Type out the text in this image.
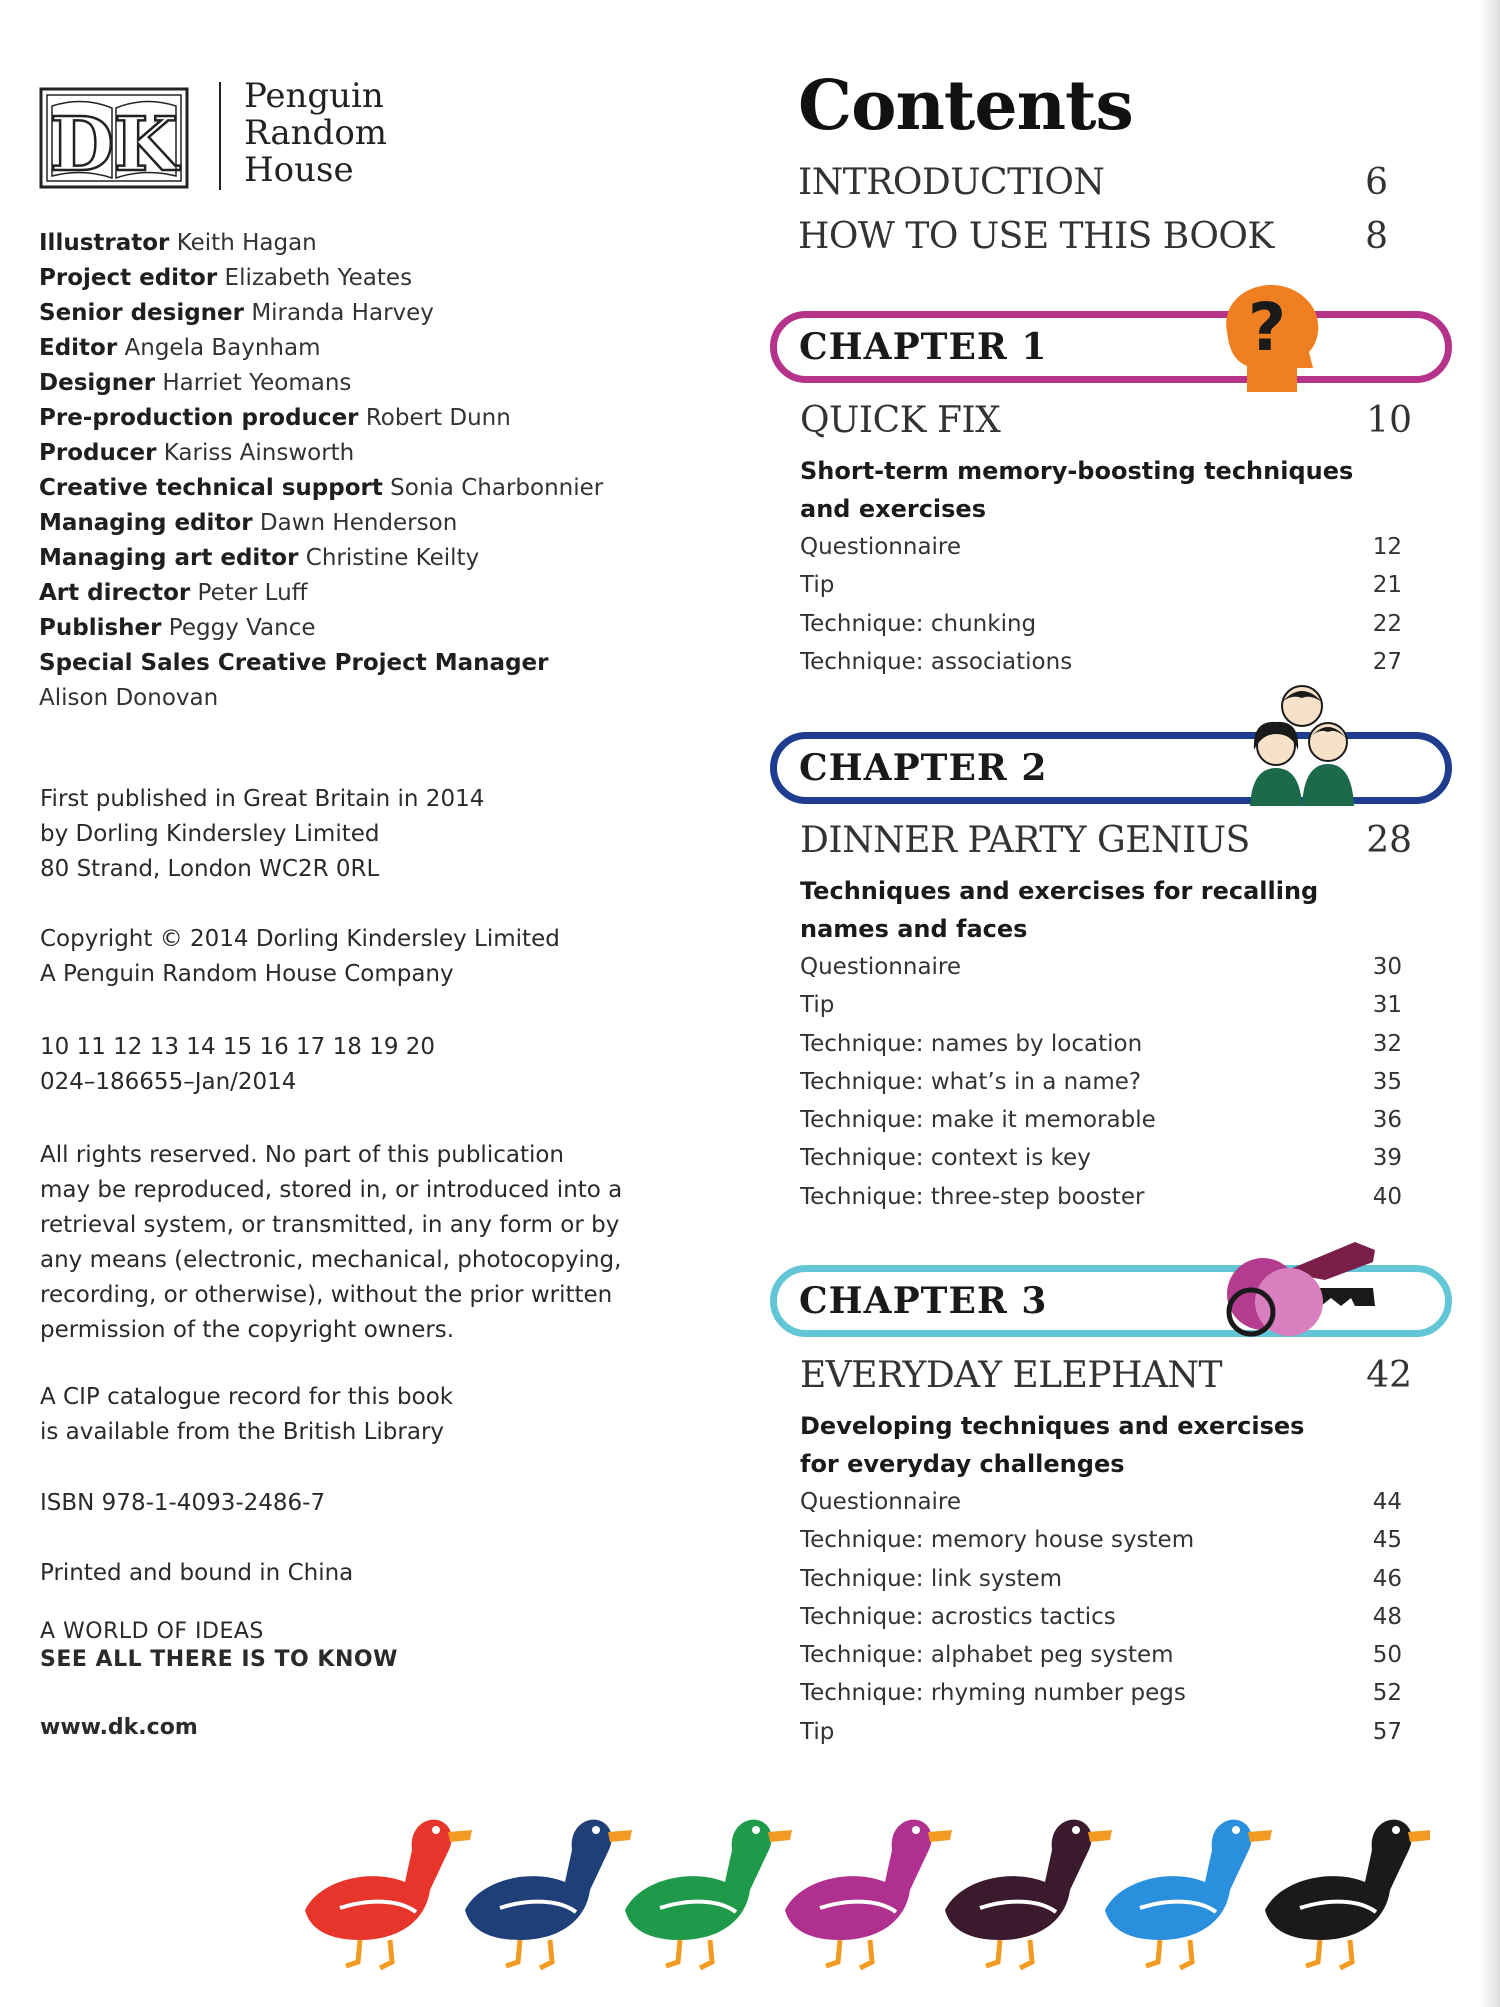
DK
Penguin
Random
House
Illustrator Keith Hagan
Project editor Elizabeth Yeates
Senior designer Miranda Harvey
Editor Angela Baynham
Designer Harriet Yeomans
Pre-production producer Robert Dunn
Producer Kariss Ainsworth
Creative technical support Sonia Charbonnier
Managing editor Dawn Henderson
Managing art editor Christine Keilty
Art director Peter Luff
Publisher Peggy Vance
Special Sales Creative Project Manager
Alison Donovan
First published in Great Britain in 2014
by Dorling Kindersley Limited
80 Strand, London WC2R 0RL
Copyright © 2014 Dorling Kindersley Limited
A Penguin Random House Company
10 11 12 13 14 15 16 17 18 19 20
024–186655–Jan/2014
All rights reserved. No part of this publication
may be reproduced, stored in, or introduced into a
retrieval system, or transmitted, in any form or by
any means (electronic, mechanical, photocopying,
recording, or otherwise), without the prior written
permission of the copyright owners.
A CIP catalogue record for this book
is available from the British Library
ISBN 978-1-4093-2486-7
Printed and bound in China
A WORLD OF IDEAS
SEE ALL THERE IS TO KNOW
www.dk.com
Contents
INTRODUCTION	6
HOW TO USE THIS BOOK	8
CHAPTER 1	?
QUICK FIX	10
Short-term memory-boosting techniques
and exercises
Questionnaire	12
Tip	21
Technique: chunking	22
Technique: associations	27
CHAPTER 2
DINNER PARTY GENIUS	28
Techniques and exercises for recalling
names and faces
Questionnaire	30
Tip	31
Technique: names by location	32
Technique: what’s in a name?	35
Technique: make it memorable	36
Technique: context is key	39
Technique: three-step booster	40
CHAPTER 3
EVERYDAY ELEPHANT	42
Developing techniques and exercises
for everyday challenges
Questionnaire	44
Technique: memory house system	45
Technique: link system	46
Technique: acrostics tactics	48
Technique: alphabet peg system	50
Technique: rhyming number pegs	52
Tip	57
